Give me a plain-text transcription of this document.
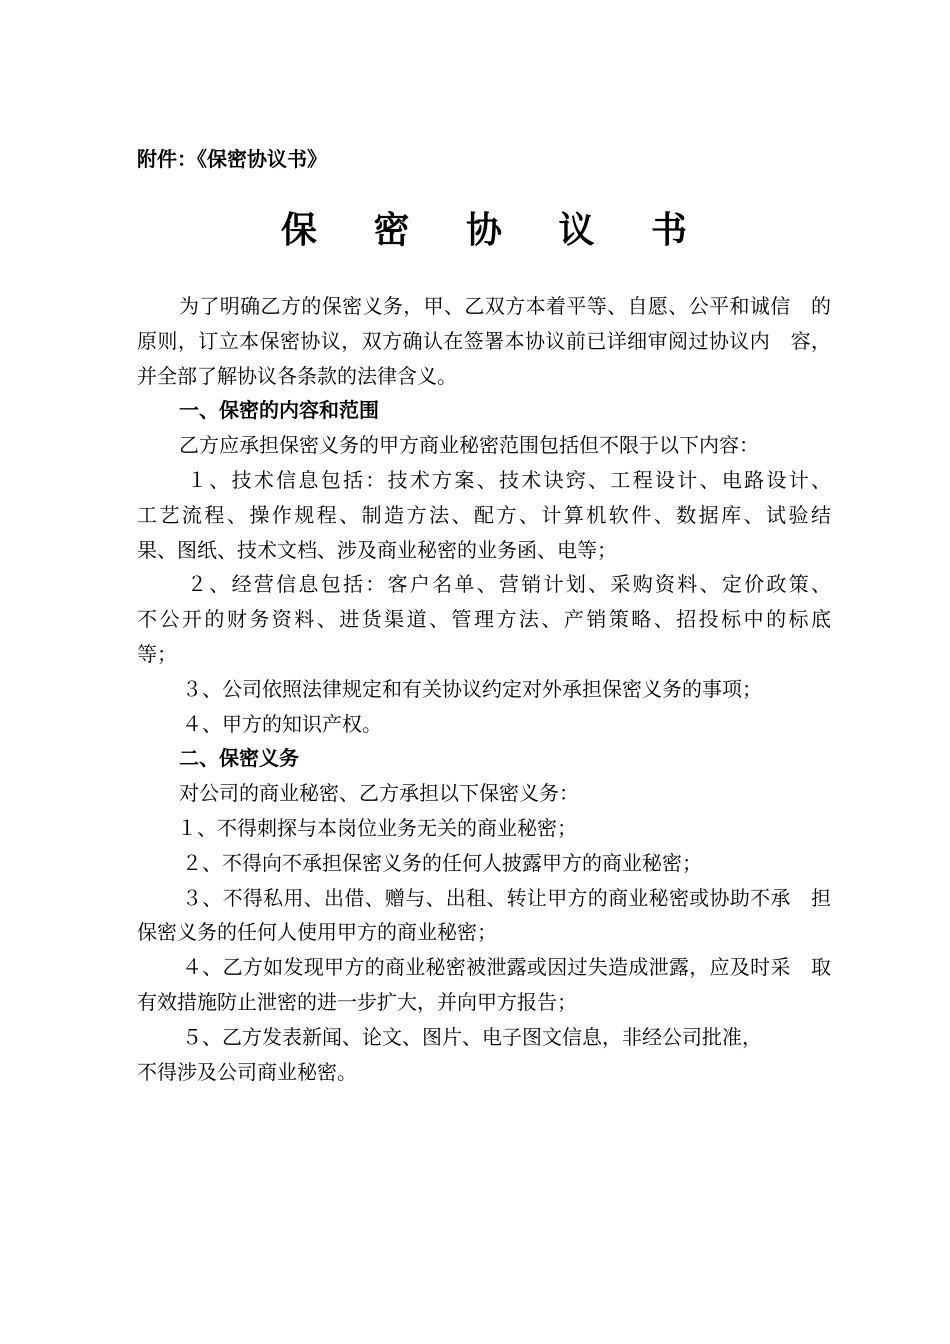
附件：《保密协议书》
保 密 协 议 书
为了明确乙方的保密义务，甲、乙双方本着平等、自愿、公平和诚信　的
原则，订立本保密协议，双方确认在签署本协议前已详细审阅过协议内　容，
并全部了解协议各条款的法律含义。
一、保密的内容和范围
乙方应承担保密义务的甲方商业秘密范围包括但不限于以下内容：
１、技术信息包括：技术方案、技术诀窍、工程设计、电路设计、
工艺流程、操作规程、制造方法、配方、计算机软件、数据库、试验结
果、图纸、技术文档、涉及商业秘密的业务函、电等；
２、经营信息包括：客户名单、营销计划、采购资料、定价政策、
不公开的财务资料、进货渠道、管理方法、产销策略、招投标中的标底
等；
３、公司依照法律规定和有关协议约定对外承担保密义务的事项；
４、甲方的知识产权。
二、保密义务
对公司的商业秘密、乙方承担以下保密义务：
１、不得刺探与本岗位业务无关的商业秘密；
２、不得向不承担保密义务的任何人披露甲方的商业秘密；
３、不得私用、出借、赠与、出租、转让甲方的商业秘密或协助不承　担
保密义务的任何人使用甲方的商业秘密；
４、乙方如发现甲方的商业秘密被泄露或因过失造成泄露，应及时采　取
有效措施防止泄密的进一步扩大，并向甲方报告；
５、乙方发表新闻、论文、图片、电子图文信息，非经公司批准，
不得涉及公司商业秘密。
